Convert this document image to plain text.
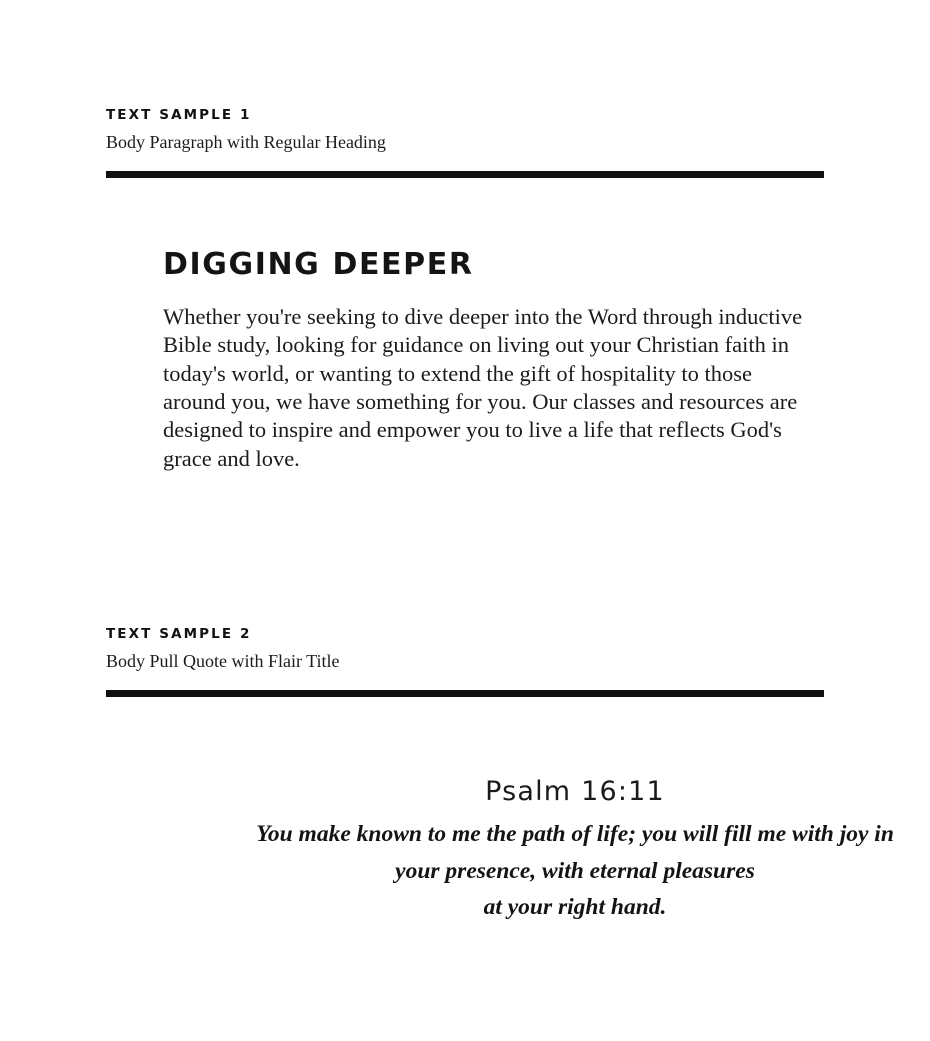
TEXT SAMPLE 1

Body Paragraph with Regular Heading

DIGGING DEEPER

Whether you're seeking to dive deeper into the Word through inductive Bible study, looking for guidance on living out your Christian faith in today's world, or wanting to extend the gift of hospitality to those around you, we have something for you. Our classes and resources are designed to inspire and empower you to live a life that reflects God's grace and love.

TEXT SAMPLE 2

Body Pull Quote with Flair Title

Psalm 16:11

You make known to me the path of life; you will fill me with joy in
your presence, with eternal pleasures
at your right hand.
